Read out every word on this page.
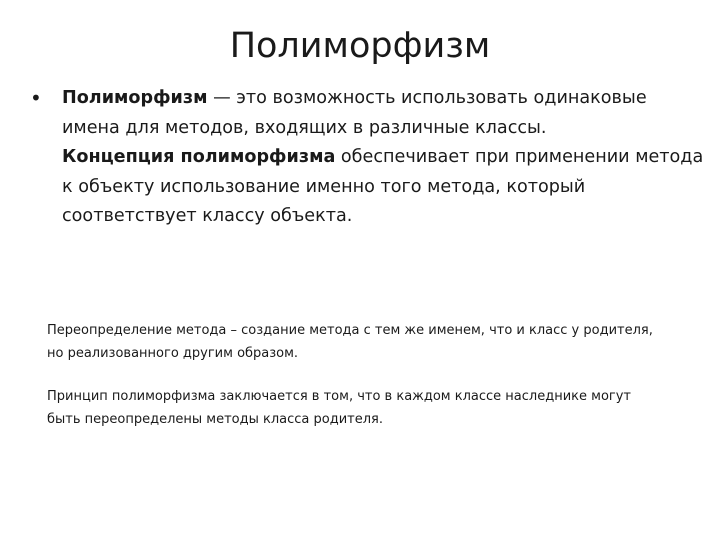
Полиморфизм
• Полиморфизм — это возможность использовать одинаковые имена для методов, входящих в различные классы.

Концепция полиморфизма обеспечивает при применении метода к объекту использование именно того метода, который соответствует классу объекта.

Переопределение метода – создание метода с тем же именем, что и класс у родителя, но реализованного другим образом.

Принцип полиморфизма заключается в том, что в каждом классе наследнике могут быть переопределены методы класса родителя.
